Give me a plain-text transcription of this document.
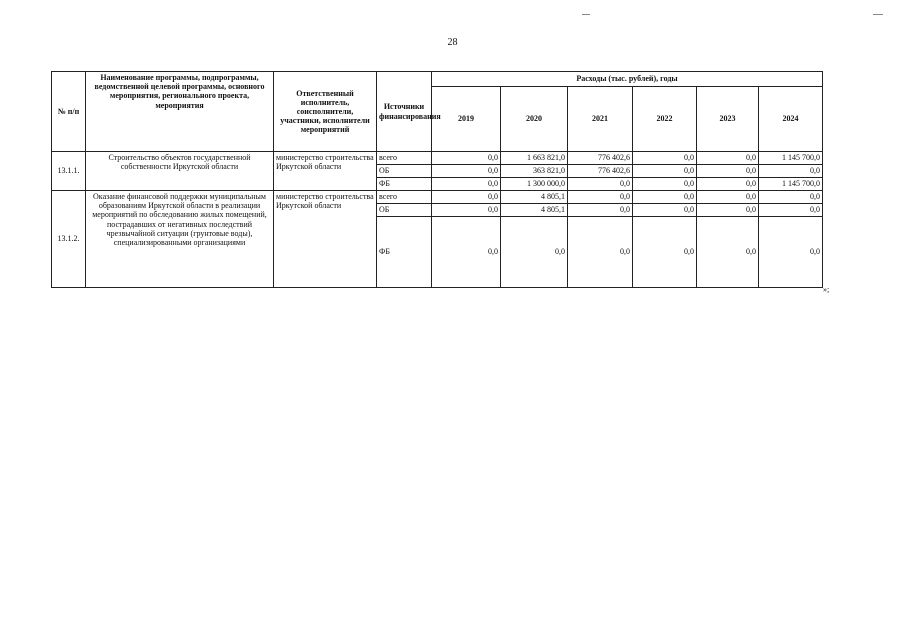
28
№ п/п	Наименование программы, подпрограммы, ведомственной целевой программы, основного мероприятия, регионального проекта, мероприятия	Ответственный исполнитель, соисполнители, участники, исполнители мероприятий	Источники финансирования	Расходы (тыс. рублей), годы					
				2019	2020	2021	2022	2023	2024
13.1.1.	Строительство объектов государственной собственности Иркутской области	министерство строительства Иркутской области	всего	0,0	1 663 821,0	776 402,6	0,0	0,0	1 145 700,0
			ОБ	0,0	363 821,0	776 402,6	0,0	0,0	0,0
			ФБ	0,0	1 300 000,0	0,0	0,0	0,0	1 145 700,0
13.1.2.	Оказание финансовой поддержки муниципальным образованиям Иркутской области в реализации мероприятий по обследованию жилых помещений, пострадавших от негативных последствий чрезвычайной ситуации (грунтовые воды), специализированными организациями	министерство строительства Иркутской области	всего	0,0	4 805,1	0,0	0,0	0,0	0,0
			ОБ	0,0	4 805,1	0,0	0,0	0,0	0,0
			ФБ	0,0	0,0	0,0	0,0	0,0	0,0
»;
